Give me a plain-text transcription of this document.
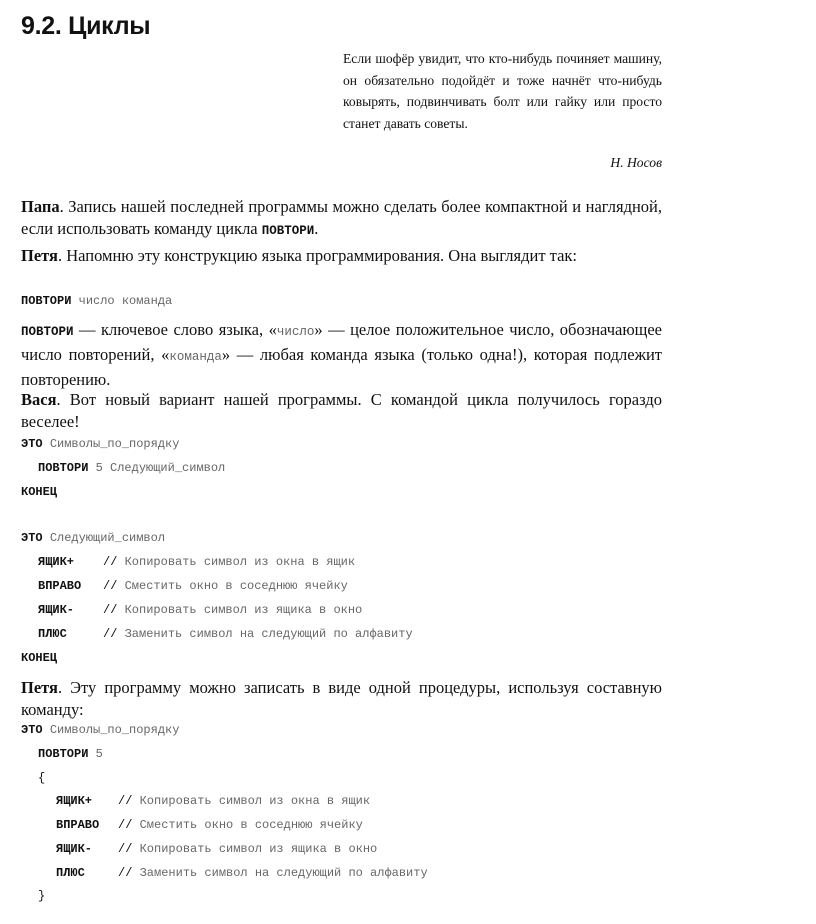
9.2. Циклы
Если шофёр увидит, что кто-нибудь починяет машину, он обязательно подойдёт и тоже начнёт что-нибудь ковырять, подвинчивать болт или гайку или просто станет давать советы.
Н. Носов

Папа. Запись нашей последней программы можно сделать более компактной и наглядной, если использовать команду цикла ПОВТОРИ.

Петя. Напомню эту конструкцию языка программирования. Она выглядит так:

ПОВТОРИ число команда

ПОВТОРИ — ключевое слово языка, «число» — целое положительное число, обозначающее число повторений, «команда» — любая команда языка (только одна!), которая подлежит повторению.

Вася. Вот новый вариант нашей программы. С командой цикла получилось гораздо веселее!

ЭТО Символы_по_порядку
ПОВТОРИ 5 Следующий_символ
КОНЕЦ
ЭТО Следующий_символ
ЯЩИК+ // Копировать символ из окна в ящик
ВПРАВО // Сместить окно в соседнюю ячейку
ЯЩИК- // Копировать символ из ящика в окно
ПЛЮС	// Заменить символ на следующий по алфавиту
КОНЕЦ

Петя. Эту программу можно записать в виде одной процедуры, используя составную команду:

ЭТО Символы_по_порядку
ПОВТОРИ 5
{
ЯЩИК+ // Копировать символ из окна в ящик
ВПРАВО // Сместить окно в соседнюю ячейку
ЯЩИК- // Копировать символ из ящика в окно
ПЛЮС	// Заменить символ на следующий по алфавиту
}
